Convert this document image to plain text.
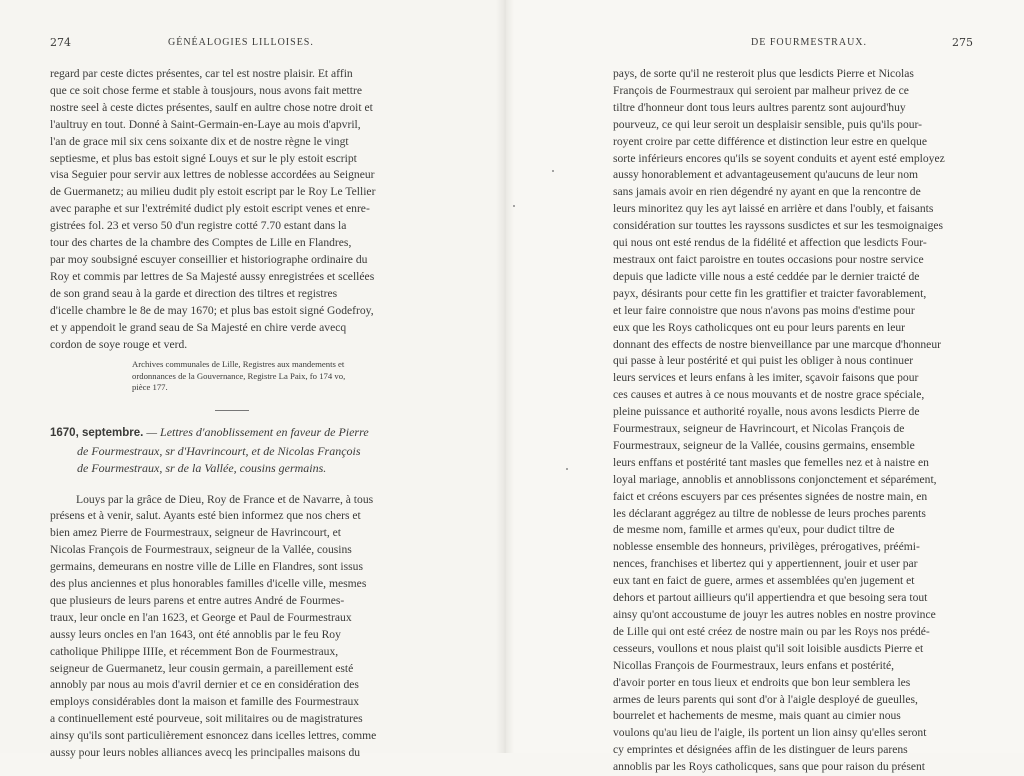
274	GÉNÉALOGIES LILLOISES.

regard par ceste dictes présentes, car tel est nostre plaisir. Et affin

que ce soit chose ferme et stable à tousjours, nous avons fait mettre

nostre seel à ceste dictes présentes, saulf en aultre chose notre droit et

l'aultruy en tout. Donné à Saint-Germain-en-Laye au mois d'apvril,

l'an de grace mil six cens soixante dix et de nostre règne le vingt

septiesme, et plus bas estoit signé Louys et sur le ply estoit escript

visa Seguier pour servir aux lettres de noblesse accordées au Seigneur

de Guermanetz; au milieu dudit ply estoit escript par le Roy Le Tellier

avec paraphe et sur l'extrémité dudict ply estoit escript venes et enre-

gistrées fol. 23 et verso 50 d'un registre cotté 7.70 estant dans la

tour des chartes de la chambre des Comptes de Lille en Flandres,

par moy soubsigné escuyer conseillier et historiographe ordinaire du

Roy et commis par lettres de Sa Majesté aussy enregistrées et scellées

de son grand seau à la garde et direction des tiltres et registres

d'icelle chambre le 8e de may 1670; et plus bas estoit signé Godefroy,

et y appendoit le grand seau de Sa Majesté en chire verde avecq

cordon de soye rouge et verd.

Archives communales de Lille, Registres aux mandements et
ordonnances de la Gouvernance, Registre La Paix, fo 174 vo,
pièce 177.

1670, septembre. — Lettres d'anoblissement en faveur de Pierre
de Fourmestraux, sr d'Havrincourt, et de Nicolas François
de Fourmestraux, sr de la Vallée, cousins germains.

Louys par la grâce de Dieu, Roy de France et de Navarre, à tous

présens et à venir, salut. Ayants esté bien informez que nos chers et

bien amez Pierre de Fourmestraux, seigneur de Havrincourt, et

Nicolas François de Fourmestraux, seigneur de la Vallée, cousins

germains, demeurans en nostre ville de Lille en Flandres, sont issus

des plus anciennes et plus honorables familles d'icelle ville, mesmes

que plusieurs de leurs parens et entre autres André de Fourmes-

traux, leur oncle en l'an 1623, et George et Paul de Fourmestraux

aussy leurs oncles en l'an 1643, ont été annoblis par le feu Roy

catholique Philippe IIIIe, et récemment Bon de Fourmestraux,

seigneur de Guermanetz, leur cousin germain, a pareillement esté

annobly par nous au mois d'avril dernier et ce en considération des

employs considérables dont la maison et famille des Fourmestraux

a continuellement esté pourveue, soit militaires ou de magistratures

ainsy qu'ils sont particulièrement esnoncez dans icelles lettres, comme

aussy pour leurs nobles alliances avecq les principalles maisons du

DE FOURMESTRAUX.	275

pays, de sorte qu'il ne resteroit plus que lesdicts Pierre et Nicolas

François de Fourmestraux qui seroient par malheur privez de ce

tiltre d'honneur dont tous leurs aultres parentz sont aujourd'huy

pourveuz, ce qui leur seroit un desplaisir sensible, puis qu'ils pour-

royent croire par cette différence et distinction leur estre en quelque

sorte inférieurs encores qu'ils se soyent conduits et ayent esté employez

aussy honorablement et advantageusement qu'aucuns de leur nom

sans jamais avoir en rien dégendré ny ayant en que la rencontre de

leurs minoritez quy les ayt laissé en arrière et dans l'oubly, et faisants

considération sur touttes les rayssons susdictes et sur les tesmoignaiges

qui nous ont esté rendus de la fidélité et affection que lesdicts Four-

mestraux ont faict paroistre en toutes occasions pour nostre service

depuis que ladicte ville nous a esté ceddée par le dernier traicté de

payx, désirants pour cette fin les grattifier et traicter favorablement,

et leur faire connoistre que nous n'avons pas moins d'estime pour

eux que les Roys catholicques ont eu pour leurs parents en leur

donnant des effects de nostre bienveillance par une marcque d'honneur

qui passe à leur postérité et qui puist les obliger à nous continuer

leurs services et leurs enfans à les imiter, sçavoir faisons que pour

ces causes et autres à ce nous mouvants et de nostre grace spéciale,

pleine puissance et authorité royalle, nous avons lesdicts Pierre de

Fourmestraux, seigneur de Havrincourt, et Nicolas François de

Fourmestraux, seigneur de la Vallée, cousins germains, ensemble

leurs enffans et postérité tant masles que femelles nez et à naistre en

loyal mariage, annoblis et annoblissons conjonctement et séparément,

faict et créons escuyers par ces présentes signées de nostre main, en

les déclarant aggrégez au tiltre de noblesse de leurs proches parents

de mesme nom, famille et armes qu'eux, pour dudict tiltre de

noblesse ensemble des honneurs, privilèges, prérogatives, préémi-

nences, franchises et libertez qui y appertiennent, jouir et user par

eux tant en faict de guere, armes et assemblées qu'en jugement et

dehors et partout aillieurs qu'il appertiendra et que besoing sera tout

ainsy qu'ont accoustume de jouyr les autres nobles en nostre province

de Lille qui ont esté créez de nostre main ou par les Roys nos prédé-

cesseurs, voullons et nous plaist qu'il soit loisible ausdicts Pierre et

Nicollas François de Fourmestraux, leurs enfans et postérité,

d'avoir porter en tous lieux et endroits que bon leur semblera les

armes de leurs parents qui sont d'or à l'aigle desployé de gueulles,

bourrelet et hachements de mesme, mais quant au cimier nous

voulons qu'au lieu de l'aigle, ils portent un lion ainsy qu'elles seront

cy emprintes et désignées affin de les distinguer de leurs parens

annoblis par les Roys catholicques, sans que pour raison du présent
